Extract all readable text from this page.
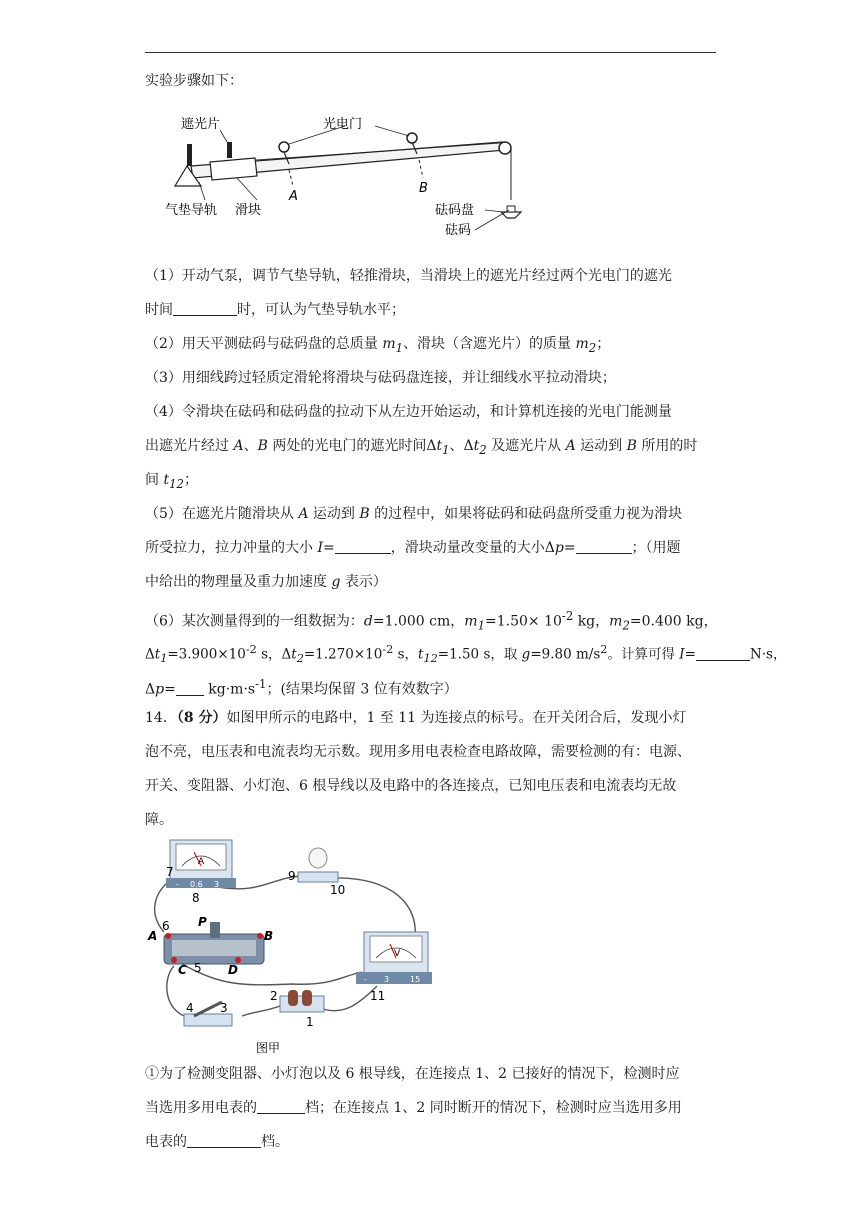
实验步骤如下：
遮光片	光电门
气垫导轨 滑块
A
B
砝码盘
砝码
（1）开动气泵，调节气垫导轨，轻推滑块，当滑块上的遮光片经过两个光电门的遮光
时间	时，可认为气垫导轨水平；
（2）用天平测砝码与砝码盘的总质量 $m_1$、滑块（含遮光片）的质量 $m_2$；
（3）用细线跨过轻质定滑轮将滑块与砝码盘连接，并让细线水平拉动滑块；
（4）令滑块在砝码和砝码盘的拉动下从左边开始运动，和计算机连接的光电门能测量
出遮光片经过 A、B 两处的光电门的遮光时间$\Delta t_1$、$\Delta t_2$ 及遮光片从 A 运动到 B 所用的时
间 $t_{12}$；
（5）在遮光片随滑块从 A 运动到 B 的过程中，如果将砝码和砝码盘所受重力视为滑块
所受拉力，拉力冲量的大小 I=	，滑块动量改变量的大小Δp=	；（用题
中给出的物理量及重力加速度 g 表示）
（6）某次测量得到的一组数据为：d=1.000 cm，$m_1=1.50\times 10^{-2}$ kg，$m_2=0.400$ kg，
$\Delta t_1=3.900\times 10^{-2}$ s，$\Delta t_2=1.270\times 10^{-2}$ s，$t_{12}=1.50$ s，取 g=9.80 $m/s^2$。计算可得 I=	N·s，
$\Delta p= kg\cdot m\cdot s^{-1}$；(结果均保留 3 位有效数字）
14．（8 分）如图甲所示的电路中，1 至 11 为连接点的标号。在开关闭合后，发现小灯
泡不亮，电压表和电流表均无示数。现用多用电表检查电路故障，需要检测的有：电源、
开关、变阻器、小灯泡、6 根导线以及电路中的各连接点，已知电压表和电流表均无故
障。
A
- 0.6 3
V
- 3	15
1
2
3
4
5
6
7
8
9
10
11
A	B
C	D
P
图甲
①为了检测变阻器、小灯泡以及 6 根导线，在连接点 1、2 已接好的情况下，检测时应
当选用多用电表的	档；在连接点 1、2 同时断开的情况下，检测时应当选用多用
电表的	档。
